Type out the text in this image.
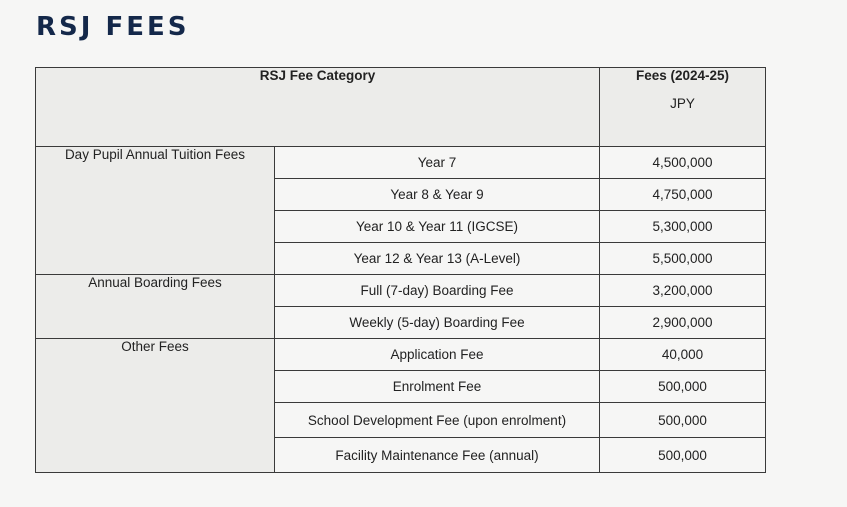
RSJ FEES
RSJ Fee Category		Fees (2024-25)
JPY

Day Pupil Annual Tuition Fees	Year 7	4,500,000
	Year 8 & Year 9	4,750,000
	Year 10 & Year 11 (IGCSE)	5,300,000
	Year 12 & Year 13 (A-Level)	5,500,000
Annual Boarding Fees	Full (7-day) Boarding Fee	3,200,000
	Weekly (5-day) Boarding Fee	2,900,000
Other Fees	Application Fee	40,000
	Enrolment Fee	500,000
	School Development Fee (upon enrolment)	500,000
	Facility Maintenance Fee (annual)	500,000
